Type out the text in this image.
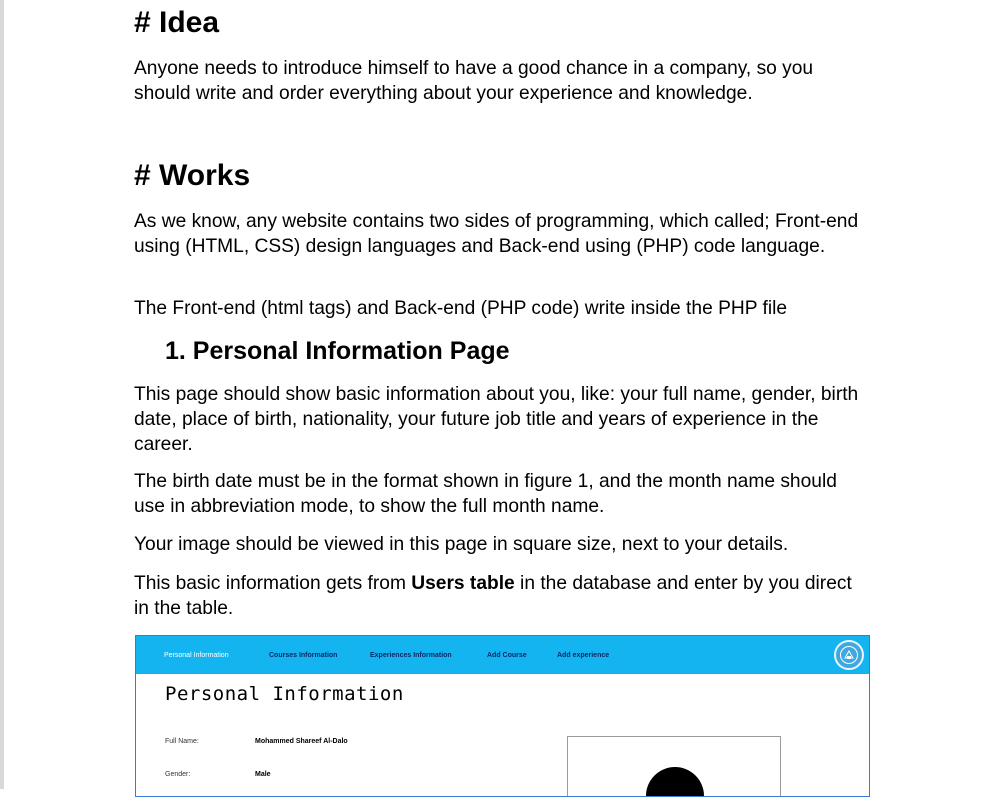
# Idea
Anyone needs to introduce himself to have a good chance in a company, so you should write and order everything about your experience and knowledge.
# Works
As we know, any website contains two sides of programming, which called; Front-end using (HTML, CSS) design languages and Back-end using (PHP) code language.
The Front-end (html tags) and Back-end (PHP code) write inside the PHP file
1. Personal Information Page
This page should show basic information about you, like: your full name, gender, birth date, place of birth, nationality, your future job title and years of experience in the career.
The birth date must be in the format shown in figure 1, and the month name should use in abbreviation mode, to show the full month name.
Your image should be viewed in this page in square size, next to your details.
This basic information gets from Users table in the database and enter by you direct in the table.
Personal Information	Courses Information	Experiences Information	Add Course	Add experience
Personal Information
Full Name:	Mohammed Shareef Al-Dalo
Gender:	Male
